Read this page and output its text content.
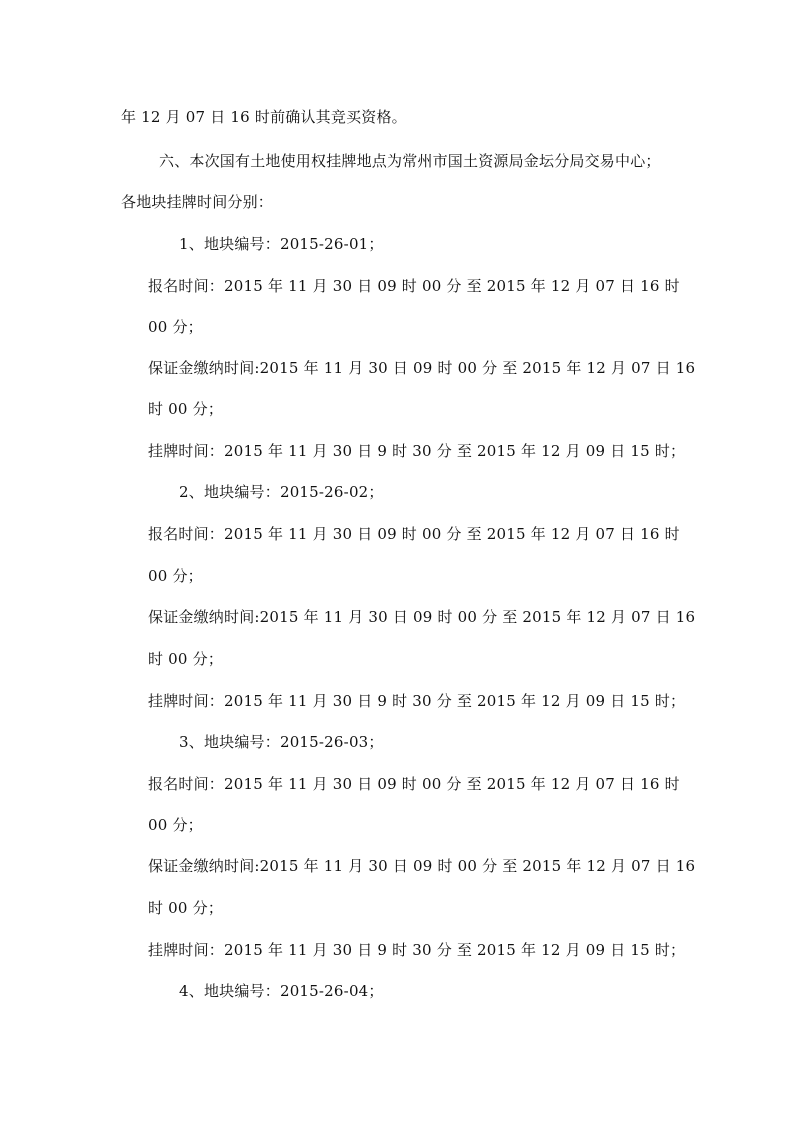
年 12 月 07 日 16 时前确认其竞买资格。
六、本次国有土地使用权挂牌地点为常州市国土资源局金坛分局交易中心；
各地块挂牌时间分别：
1、地块编号：2015-26-01；
报名时间：2015 年 11 月 30 日 09 时 00 分 至 2015 年 12 月 07 日 16 时
00 分；
保证金缴纳时间:2015 年 11 月 30 日 09 时 00 分 至 2015 年 12 月 07 日 16
时 00 分；
挂牌时间：2015 年 11 月 30 日 9 时 30 分 至 2015 年 12 月 09 日 15 时；
2、地块编号：2015-26-02；
报名时间：2015 年 11 月 30 日 09 时 00 分 至 2015 年 12 月 07 日 16 时
00 分；
保证金缴纳时间:2015 年 11 月 30 日 09 时 00 分 至 2015 年 12 月 07 日 16
时 00 分；
挂牌时间：2015 年 11 月 30 日 9 时 30 分 至 2015 年 12 月 09 日 15 时；
3、地块编号：2015-26-03；
报名时间：2015 年 11 月 30 日 09 时 00 分 至 2015 年 12 月 07 日 16 时
00 分；
保证金缴纳时间:2015 年 11 月 30 日 09 时 00 分 至 2015 年 12 月 07 日 16
时 00 分；
挂牌时间：2015 年 11 月 30 日 9 时 30 分 至 2015 年 12 月 09 日 15 时；
4、地块编号：2015-26-04；
